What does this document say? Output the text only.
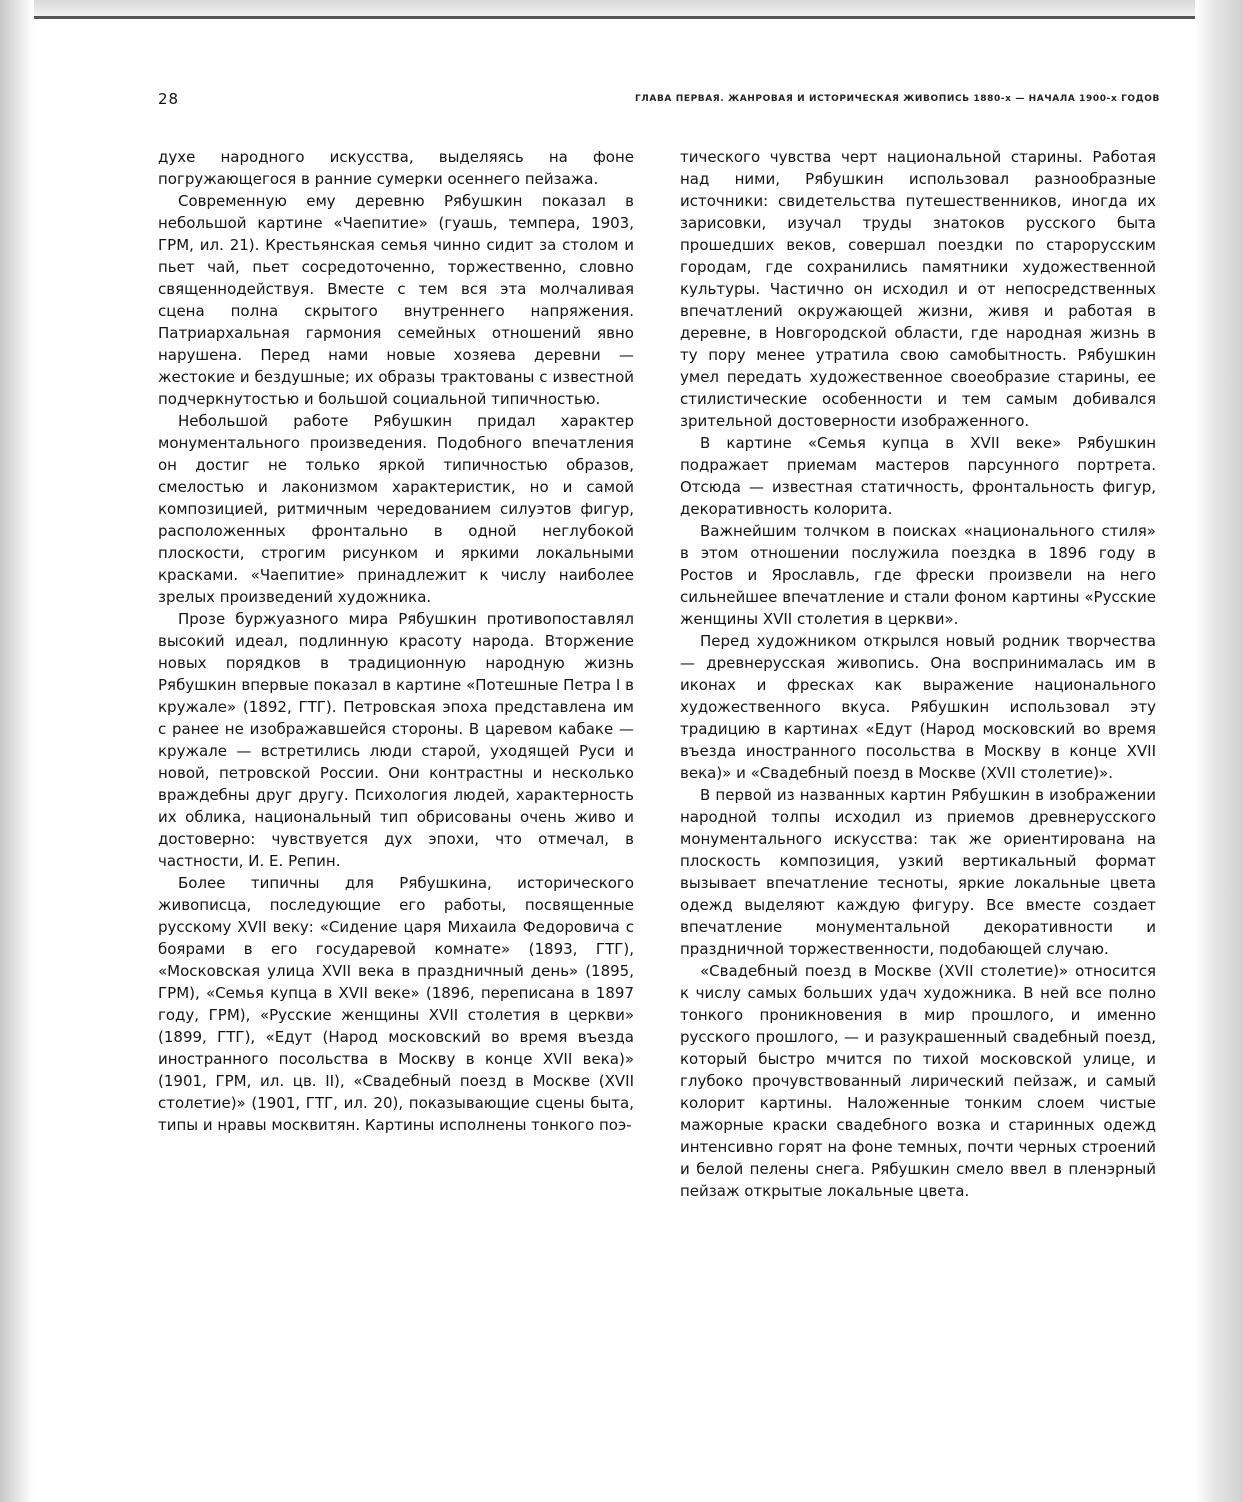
28	ГЛАВА ПЕРВАЯ. ЖАНРОВАЯ И ИСТОРИЧЕСКАЯ ЖИВОПИСЬ 1880-х — НАЧАЛА 1900-х ГОДОВ

духе народного искусства, выделяясь на фоне погружающегося в ранние сумерки осеннего пейзажа.

Современную ему деревню Рябушкин показал в небольшой картине «Чаепитие» (гуашь, темпера, 1903, ГРМ, ил. 21). Крестьянская семья чинно сидит за столом и пьет чай, пьет сосредоточенно, торжественно, словно священнодействуя. Вместе с тем вся эта молчаливая сцена полна скрытого внутреннего напряжения. Патриархальная гармония семейных отношений явно нарушена. Перед нами новые хозяева деревни — жестокие и бездушные; их образы трактованы с известной подчеркнутостью и большой социальной типичностью.

Небольшой работе Рябушкин придал характер монументального произведения. Подобного впечатления он достиг не только яркой типичностью образов, смелостью и лаконизмом характеристик, но и самой композицией, ритмичным чередованием силуэтов фигур, расположенных фронтально в одной неглубокой плоскости, строгим рисунком и яркими локальными красками. «Чаепитие» принадлежит к числу наиболее зрелых произведений художника.

Прозе буржуазного мира Рябушкин противопоставлял высокий идеал, подлинную красоту народа. Вторжение новых порядков в традиционную народную жизнь Рябушкин впервые показал в картине «Потешные Петра I в кружале» (1892, ГТГ). Петровская эпоха представлена им с ранее не изображавшейся стороны. В царевом кабаке — кружале — встретились люди старой, уходящей Руси и новой, петровской России. Они контрастны и несколько враждебны друг другу. Психология людей, характерность их облика, национальный тип обрисованы очень живо и достоверно: чувствуется дух эпохи, что отмечал, в частности, И. Е. Репин.

Более типичны для Рябушкина, исторического живописца, последующие его работы, посвященные русскому XVII веку: «Сидение царя Михаила Федоровича с боярами в его государевой комнате» (1893, ГТГ), «Московская улица XVII века в праздничный день» (1895, ГРМ), «Семья купца в XVII веке» (1896, переписана в 1897 году, ГРМ), «Русские женщины XVII столетия в церкви» (1899, ГТГ), «Едут (Народ московский во время въезда иностранного посольства в Москву в конце XVII века)» (1901, ГРМ, ил. цв. II), «Свадебный поезд в Москве (XVII столетие)» (1901, ГТГ, ил. 20), показывающие сцены быта, типы и нравы москвитян. Картины исполнены тонкого поэ-

тического чувства черт национальной старины. Работая над ними, Рябушкин использовал разнообразные источники: свидетельства путешественников, иногда их зарисовки, изучал труды знатоков русского быта прошедших веков, совершал поездки по старорусским городам, где сохранились памятники художественной культуры. Частично он исходил и от непосредственных впечатлений окружающей жизни, живя и работая в деревне, в Новгородской области, где народная жизнь в ту пору менее утратила свою самобытность. Рябушкин умел передать художественное своеобразие старины, ее стилистические особенности и тем самым добивался зрительной достоверности изображенного.

В картине «Семья купца в XVII веке» Рябушкин подражает приемам мастеров парсунного портрета. Отсюда — известная статичность, фронтальность фигур, декоративность колорита.

Важнейшим толчком в поисках «национального стиля» в этом отношении послужила поездка в 1896 году в Ростов и Ярославль, где фрески произвели на него сильнейшее впечатление и стали фоном картины «Русские женщины XVII столетия в церкви».

Перед художником открылся новый родник творчества — древнерусская живопись. Она воспринималась им в иконах и фресках как выражение национального художественного вкуса. Рябушкин использовал эту традицию в картинах «Едут (Народ московский во время въезда иностранного посольства в Москву в конце XVII века)» и «Свадебный поезд в Москве (XVII столетие)».

В первой из названных картин Рябушкин в изображении народной толпы исходил из приемов древнерусского монументального искусства: так же ориентирована на плоскость композиция, узкий вертикальный формат вызывает впечатление тесноты, яркие локальные цвета одежд выделяют каждую фигуру. Все вместе создает впечатление монументальной декоративности и праздничной торжественности, подобающей случаю.

«Свадебный поезд в Москве (XVII столетие)» относится к числу самых больших удач художника. В ней все полно тонкого проникновения в мир прошлого, и именно русского прошлого, — и разукрашенный свадебный поезд, который быстро мчится по тихой московской улице, и глубоко прочувствованный лирический пейзаж, и самый колорит картины. Наложенные тонким слоем чистые мажорные краски свадебного возка и старинных одежд интенсивно горят на фоне темных, почти черных строений и белой пелены снега. Рябушкин смело ввел в пленэрный пейзаж открытые локальные цвета.
